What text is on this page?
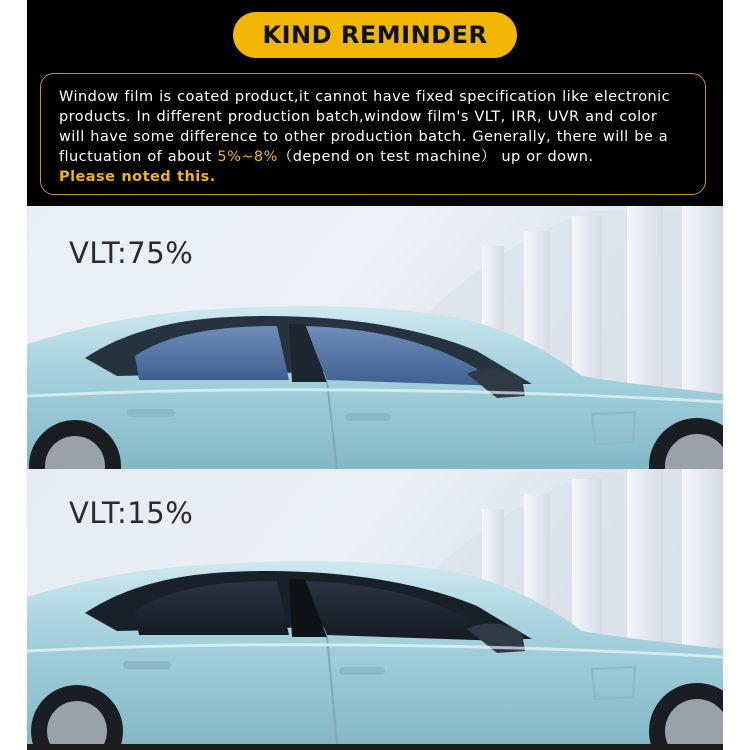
KIND REMINDER
Window film is coated product,it cannot have fixed specification like electronic
products. In different production batch,window film's VLT, IRR, UVR and color
will have some difference to other production batch. Generally, there will be a
fluctuation of about 5%~8%（depend on test machine） up or down.
Please noted this.
VLT:75%
VLT:15%
